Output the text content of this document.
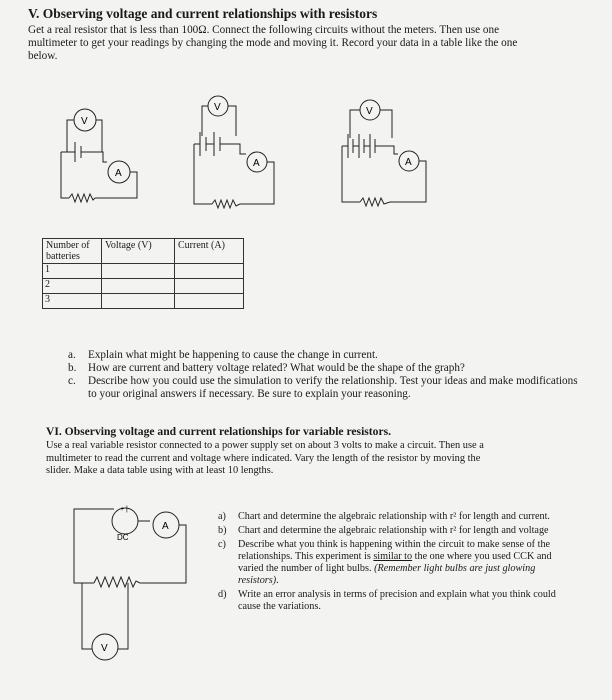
V. Observing voltage and current relationships with resistors
Get a real resistor that is less than 100Ω. Connect the following circuits without the meters. Then use one
multimeter to get your readings by changing the mode and moving it. Record your data in a table like the one
below.
V
A
V
A
V
A
Number of batteries	Voltage (V)	Current (A)
1		
2		
3		
a.	Explain what might be happening to cause the change in current.
b.	How are current and battery voltage related? What would be the shape of the graph?
c.	Describe how you could use the simulation to verify the relationship. Test your ideas and make modifications to your original answers if necessary. Be sure to explain your reasoning.
VI. Observing voltage and current relationships for variable resistors.
Use a real variable resistor connected to a power supply set on about 3 volts to make a circuit. Then use a
multimeter to read the current and voltage where indicated. Vary the length of the resistor by moving the
slider. Make a data table using with at least 10 lengths.
+ |
DC
A
V
a)	Chart and determine the algebraic relationship with r² for length and current.
b)	Chart and determine the algebraic relationship with r² for length and voltage
c)	Describe what you think is happening within the circuit to make sense of the relationships. This experiment is similar to the one where you used CCK and varied the number of light bulbs. (Remember light bulbs are just glowing resistors).
d)	Write an error analysis in terms of precision and explain what you think could cause the variations.
